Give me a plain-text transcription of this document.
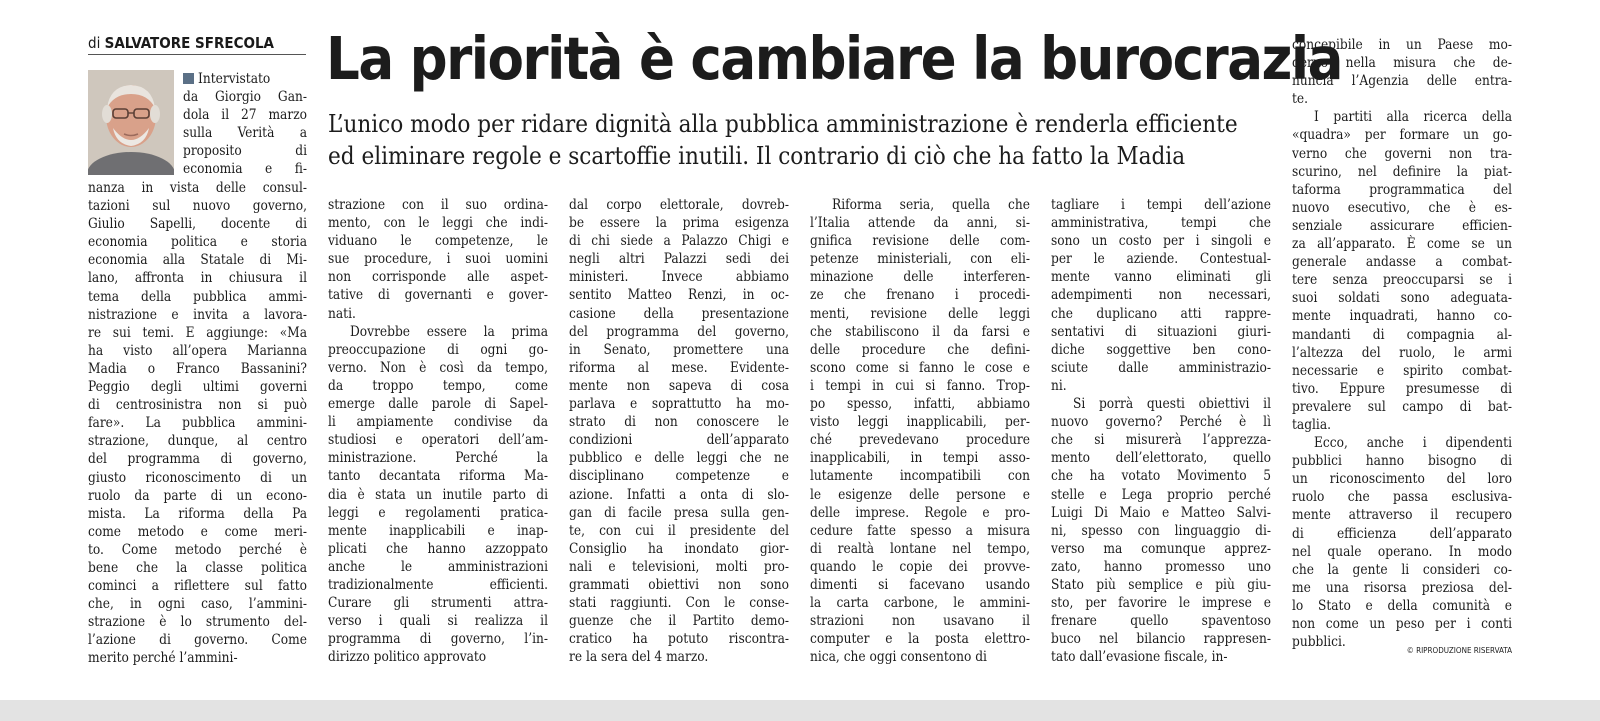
di SALVATORE SFRECOLA La priorità è cambiare la burocrazia
L’unico modo per ridare dignità alla pubblica amministrazione è renderla efficiente
ed eliminare regole e scartoffie inutili. Il contrario di ciò che ha fatto la Madia
Intervistato
da Giorgio Gan-
dola il 27 marzo
sulla Verità a
proposito di
economia e fi-
nanza in vista delle consul-
tazioni sul nuovo governo,
Giulio Sapelli, docente di
economia politica e storia
economia alla Statale di Mi-
lano, affronta in chiusura il
tema della pubblica ammi-
nistrazione e invita a lavora-
re sui temi. E aggiunge: «Ma
ha visto all’opera Marianna
Madia o Franco Bassanini?
Peggio degli ultimi governi
di centrosinistra non si può
fare». La pubblica ammini-
strazione, dunque, al centro
del programma di governo,
giusto riconoscimento di un
ruolo da parte di un econo-
mista. La riforma della Pa
come metodo e come meri-
to. Come metodo perché è
bene che la classe politica
cominci a riflettere sul fatto
che, in ogni caso, l’ammini-
strazione è lo strumento del-
l’azione di governo. Come
merito perché l’ammini-
strazione con il suo ordina-
mento, con le leggi che indi-
viduano le competenze, le
sue procedure, i suoi uomini
non corrisponde alle aspet-
tative di governanti e gover-
nati.
Dovrebbe essere la prima
preoccupazione di ogni go-
verno. Non è così da tempo,
da troppo tempo, come
emerge dalle parole di Sapel-
li ampiamente condivise da
studiosi e operatori dell’am-
ministrazione. Perché la
tanto decantata riforma Ma-
dia è stata un inutile parto di
leggi e regolamenti pratica-
mente inapplicabili e inap-
plicati che hanno azzoppato
anche le amministrazioni
tradizionalmente efficienti.
Curare gli strumenti attra-
verso i quali si realizza il
programma di governo, l’in-
dirizzo politico approvato
dal corpo elettorale, dovreb-
be essere la prima esigenza
di chi siede a Palazzo Chigi e
negli altri Palazzi sedi dei
ministeri. Invece abbiamo
sentito Matteo Renzi, in oc-
casione della presentazione
del programma del governo,
in Senato, promettere una
riforma al mese. Evidente-
mente non sapeva di cosa
parlava e soprattutto ha mo-
strato di non conoscere le
condizioni dell’apparato
pubblico e delle leggi che ne
disciplinano competenze e
azione. Infatti a onta di slo-
gan di facile presa sulla gen-
te, con cui il presidente del
Consiglio ha inondato gior-
nali e televisioni, molti pro-
grammati obiettivi non sono
stati raggiunti. Con le conse-
guenze che il Partito demo-
cratico ha potuto riscontra-
re la sera del 4 marzo.
Riforma seria, quella che
l’Italia attende da anni, si-
gnifica revisione delle com-
petenze ministeriali, con eli-
minazione delle interferen-
ze che frenano i procedi-
menti, revisione delle leggi
che stabiliscono il da farsi e
delle procedure che defini-
scono come si fanno le cose e
i tempi in cui si fanno. Trop-
po spesso, infatti, abbiamo
visto leggi inapplicabili, per-
ché prevedevano procedure
inapplicabili, in tempi asso-
lutamente incompatibili con
le esigenze delle persone e
delle imprese. Regole e pro-
cedure fatte spesso a misura
di realtà lontane nel tempo,
quando le copie dei provve-
dimenti si facevano usando
la carta carbone, le ammini-
strazioni non usavano il
computer e la posta elettro-
nica, che oggi consentono di
tagliare i tempi dell’azione
amministrativa, tempi che
sono un costo per i singoli e
per le aziende. Contestual-
mente vanno eliminati gli
adempimenti non necessari,
che duplicano atti rappre-
sentativi di situazioni giuri-
diche soggettive ben cono-
sciute dalle amministrazio-
ni.
Si porrà questi obiettivi il
nuovo governo? Perché è lì
che si misurerà l’apprezza-
mento dell’elettorato, quello
che ha votato Movimento 5
stelle e Lega proprio perché
Luigi Di Maio e Matteo Salvi-
ni, spesso con linguaggio di-
verso ma comunque apprez-
zato, hanno promesso uno
Stato più semplice e più giu-
sto, per favorire le imprese e
frenare quello spaventoso
buco nel bilancio rappresen-
tato dall’evasione fiscale, in-
concepibile in un Paese mo-
derno nella misura che de-
nuncia l’Agenzia delle entra-
te.
I partiti alla ricerca della
«quadra» per formare un go-
verno che governi non tra-
scurino, nel definire la piat-
taforma programmatica del
nuovo esecutivo, che è es-
senziale assicurare efficien-
za all’apparato. È come se un
generale andasse a combat-
tere senza preoccuparsi se i
suoi soldati sono adeguata-
mente inquadrati, hanno co-
mandanti di compagnia al-
l’altezza del ruolo, le armi
necessarie e spirito combat-
tivo. Eppure presumesse di
prevalere sul campo di bat-
taglia.
Ecco, anche i dipendenti
pubblici hanno bisogno di
un riconoscimento del loro
ruolo che passa esclusiva-
mente attraverso il recupero
di efficienza dell’apparato
nel quale operano. In modo
che la gente li consideri co-
me una risorsa preziosa del-
lo Stato e della comunità e
non come un peso per i conti
pubblici.
© RIPRODUZIONE RISERVATA
